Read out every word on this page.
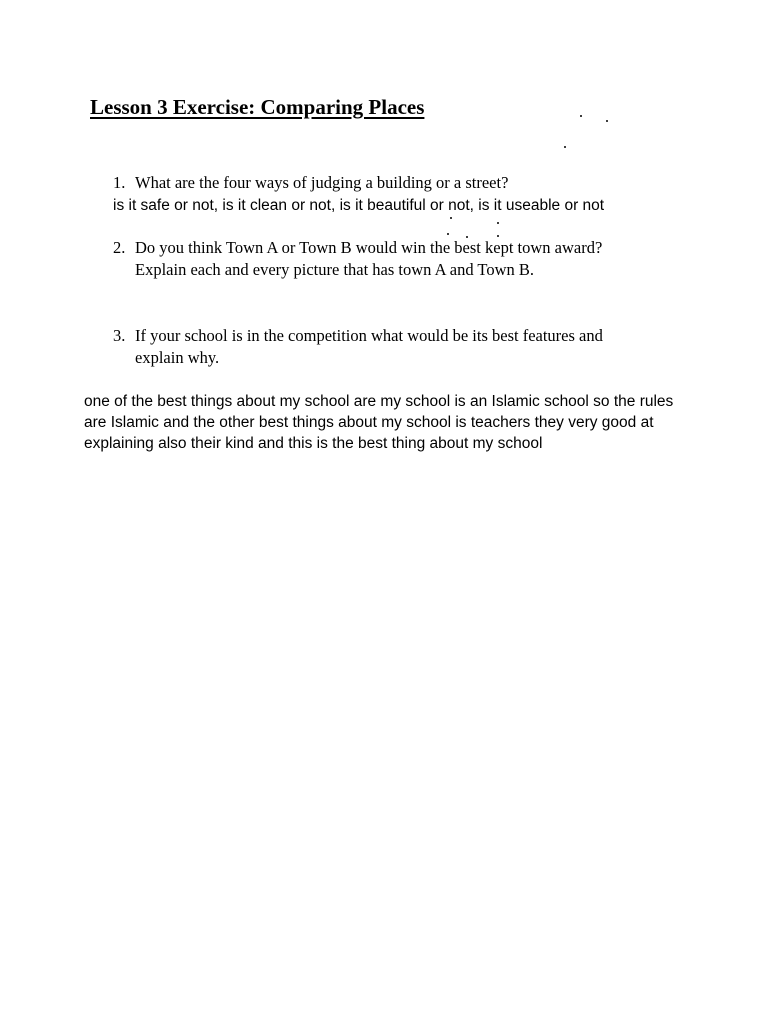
Lesson 3 Exercise: Comparing Places
1. What are the four ways of judging a building or a street?
is it safe or not, is it clean or not, is it beautiful or not, is it useable or not
2. Do you think Town A or Town B would win the best kept town award?
Explain each and every picture that has town A and Town B.
3. If your school is in the competition what would be its best features and
explain why.
one of the best things about my school are my school is an Islamic school so the rules
are Islamic and the other best things about my school is teachers they very good at
explaining also their kind and this is the best thing about my school
